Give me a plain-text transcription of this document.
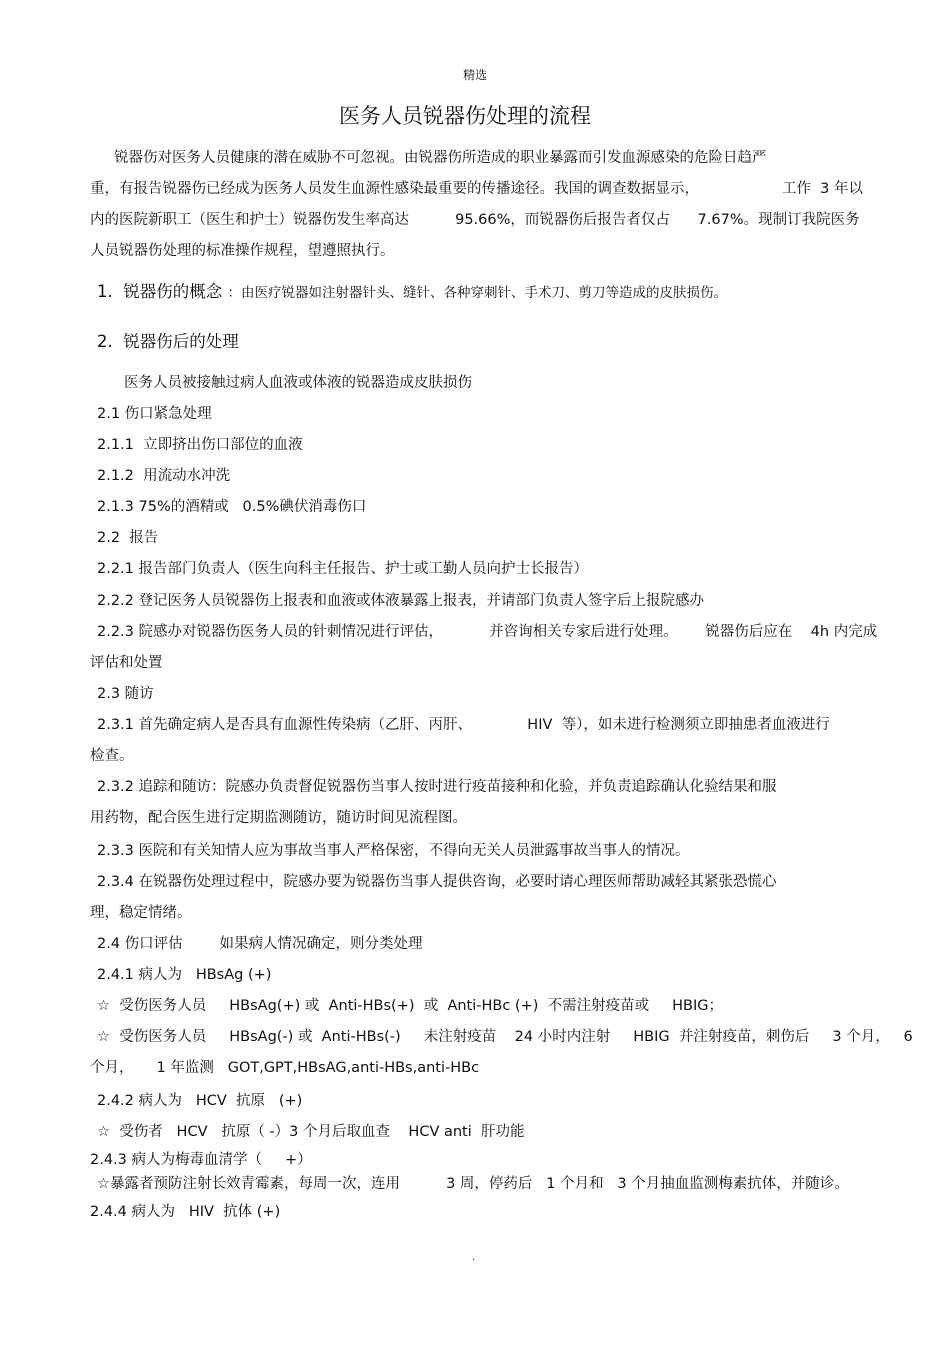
精选
医务人员锐器伤处理的流程
锐器伤对医务人员健康的潜在威胁不可忽视。由锐器伤所造成的职业暴露而引发血源感染的危险日趋严
重，有报告锐器伤已经成为医务人员发生血源性感染最重要的传播途径。我国的调查数据显示，                  工作  3 年以
内的医院新职工（医生和护士）锐器伤发生率高达          95.66%，而锐器伤后报告者仅占      7.67%。现制订我院医务
人员锐器伤处理的标准操作规程，望遵照执行。
1. 锐器伤的概念 ：由医疗锐器如注射器针头、缝针、各种穿刺针、手术刀、剪刀等造成的皮肤损伤。
2. 锐器伤后的处理
医务人员被接触过病人血液或体液的锐器造成皮肤损伤
2.1 伤口紧急处理
2.1.1  立即挤出伤口部位的血液
2.1.2  用流动水冲洗
2.1.3 75%的酒精或   0.5%碘伏消毒伤口
2.2  报告
2.2.1 报告部门负责人（医生向科主任报告、护士或工勤人员向护士长报告）
2.2.2 登记医务人员锐器伤上报表和血液或体液暴露上报表，并请部门负责人签字后上报院感办
2.2.3 院感办对锐器伤医务人员的针刺情况进行评估，          并咨询相关专家后进行处理。      锐器伤后应在    4h 内完成
评估和处置
2.3 随访
2.3.1 首先确定病人是否具有血源性传染病（乙肝、丙肝、            HIV  等），如未进行检测须立即抽患者血液进行
检查。
2.3.2 追踪和随访：院感办负责督促锐器伤当事人按时进行疫苗接种和化验，并负责追踪确认化验结果和服
用药物，配合医生进行定期监测随访，随访时间见流程图。
2.3.3 医院和有关知情人应为事故当事人严格保密，不得向无关人员泄露事故当事人的情况。
2.3.4 在锐器伤处理过程中，院感办要为锐器伤当事人提供咨询，必要时请心理医师帮助减轻其紧张恐慌心
理，稳定情绪。
2.4 伤口评估        如果病人情况确定，则分类处理
2.4.1 病人为   HBsAg (+)
☆  受伤医务人员     HBsAg(+) 或  Anti-HBs(+)  或  Anti-HBc (+)  不需注射疫苗或     HBIG；
☆  受伤医务人员     HBsAg(-) 或  Anti-HBs(-)     未注射疫苗    24 小时内注射     HBIG  并注射疫苗，刺伤后     3 个月，   6
个月，     1 年监测   GOT,GPT,HBsAG,anti-HBs,anti-HBc
2.4.2 病人为   HCV  抗原   (+)
☆  受伤者   HCV   抗原（ -）3 个月后取血查    HCV anti  肝功能
2.4.3 病人为梅毒血清学（     +）
☆暴露者预防注射长效青霉素，每周一次，连用          3 周，停药后   1 个月和   3 个月抽血监测梅素抗体，并随诊。
2.4.4 病人为   HIV  抗体 (+)
.
